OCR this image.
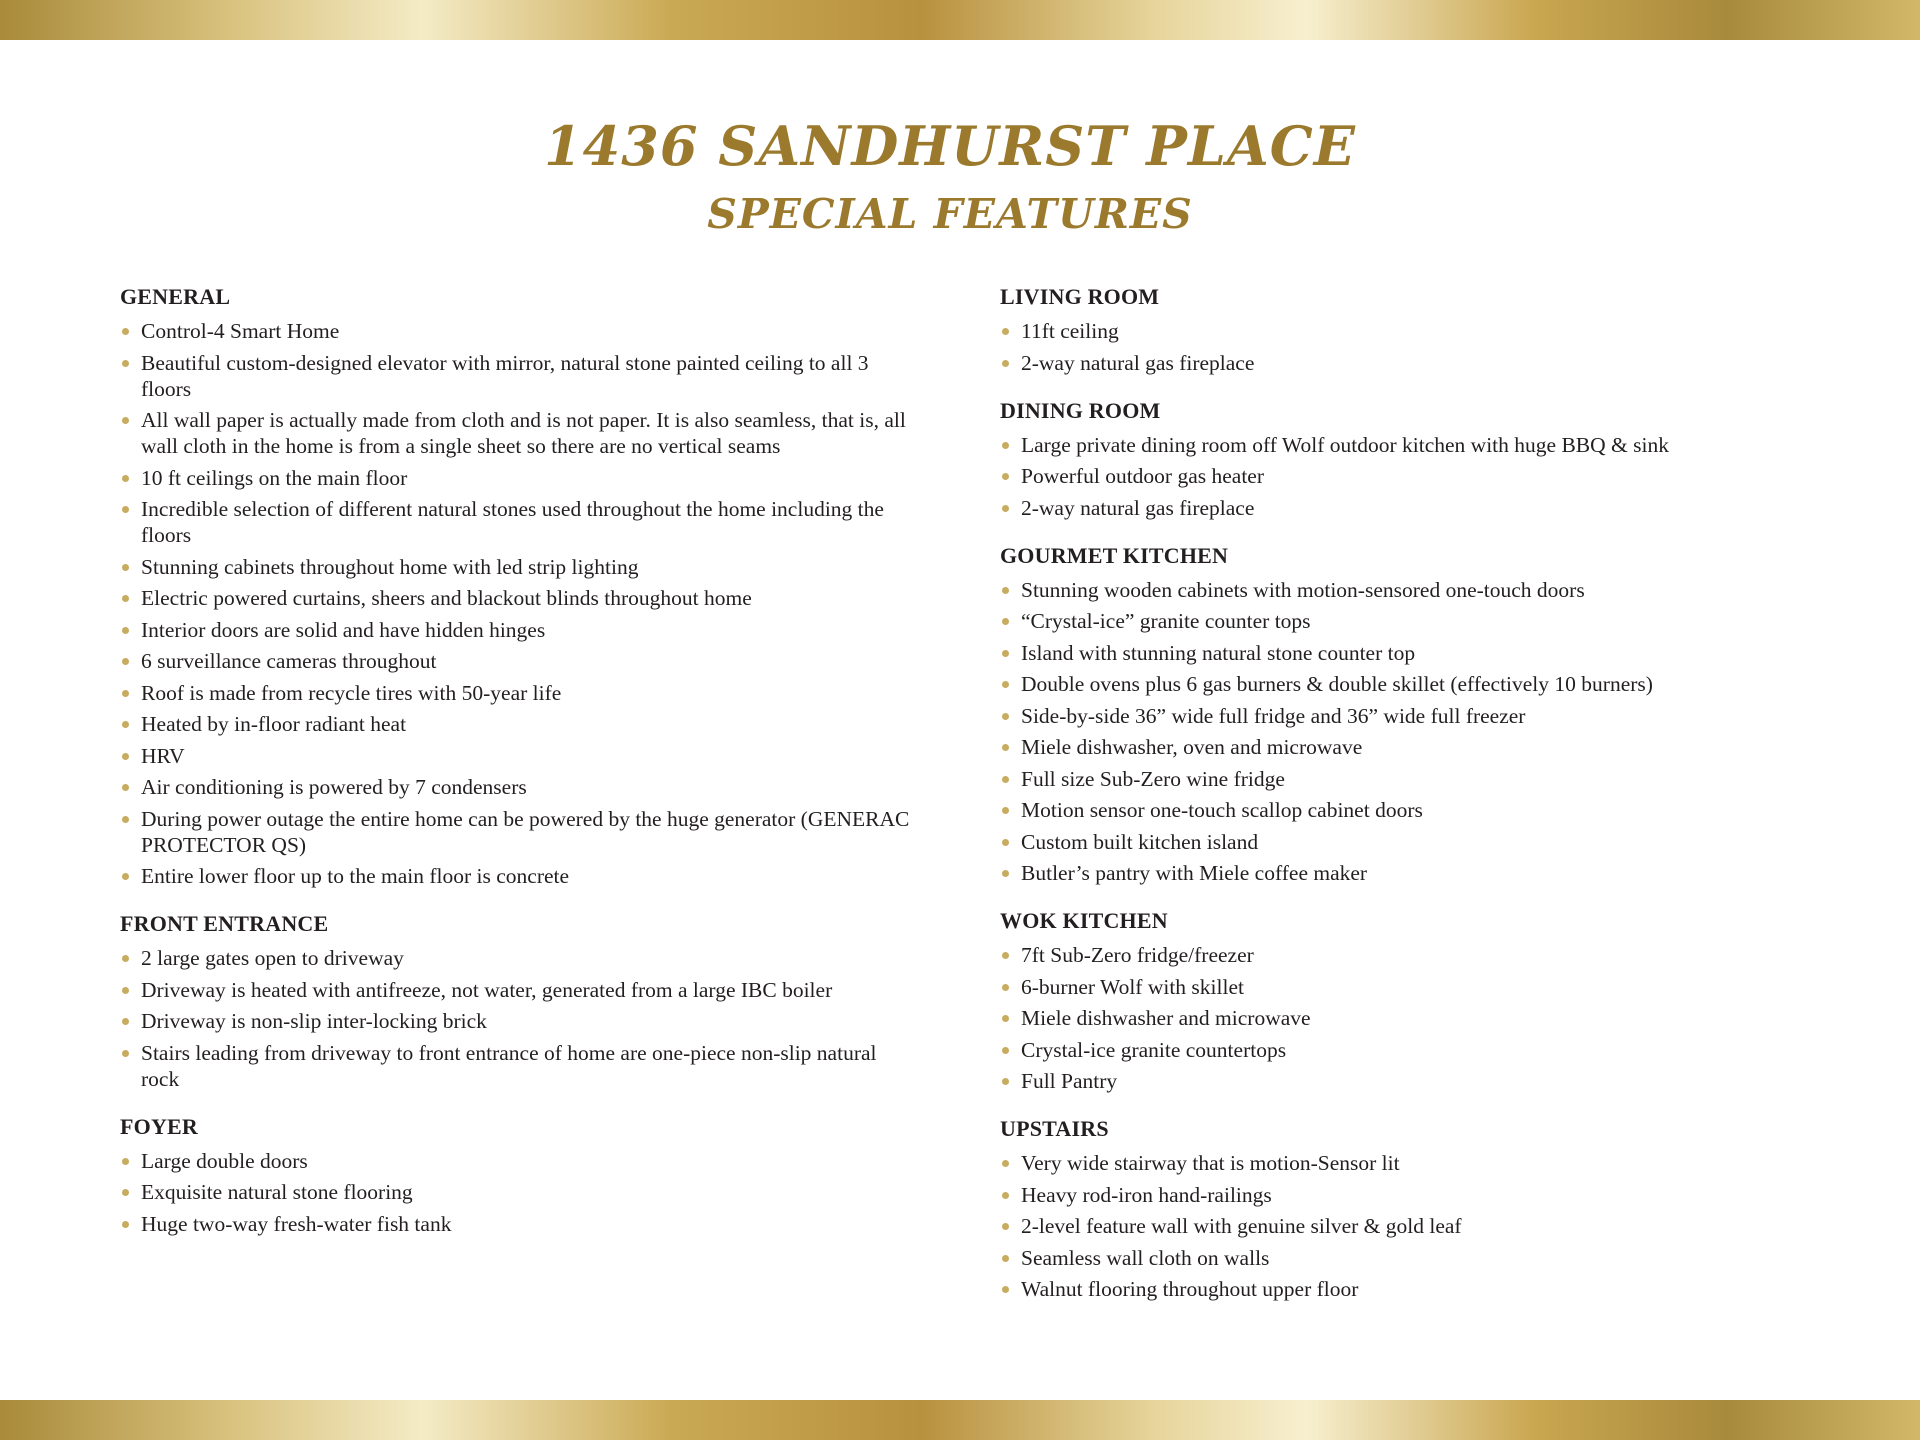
1436 SANDHURST PLACE
SPECIAL FEATURES
GENERAL
Control-4 Smart Home
Beautiful custom-designed elevator with mirror, natural stone painted ceiling to all 3 floors
All wall paper is actually made from cloth and is not paper. It is also seamless, that is, all wall cloth in the home is from a single sheet so there are no vertical seams
10 ft ceilings on the main floor
Incredible selection of different natural stones used throughout the home including the floors
Stunning cabinets throughout home with led strip lighting
Electric powered curtains, sheers and blackout blinds throughout home
Interior doors are solid and have hidden hinges
6 surveillance cameras throughout
Roof is made from recycle tires with 50-year life
Heated by in-floor radiant heat
HRV
Air conditioning is powered by 7 condensers
During power outage the entire home can be powered by the huge generator (GENERAC PROTECTOR QS)
Entire lower floor up to the main floor is concrete
FRONT ENTRANCE
2 large gates open to driveway
Driveway is heated with antifreeze, not water, generated from a large IBC boiler
Driveway is non-slip inter-locking brick
Stairs leading from driveway to front entrance of home are one-piece non-slip natural rock
FOYER
Large double doors
Exquisite natural stone flooring
Huge two-way fresh-water fish tank
LIVING ROOM
11ft ceiling
2-way natural gas fireplace
DINING ROOM
Large private dining room off Wolf outdoor kitchen with huge BBQ & sink
Powerful outdoor gas heater
2-way natural gas fireplace
GOURMET KITCHEN
Stunning wooden cabinets with motion-sensored one-touch doors
“Crystal-ice” granite counter tops
Island with stunning natural stone counter top
Double ovens plus 6 gas burners & double skillet (effectively 10 burners)
Side-by-side 36” wide full fridge and 36” wide full freezer
Miele dishwasher, oven and microwave
Full size Sub-Zero wine fridge
Motion sensor one-touch scallop cabinet doors
Custom built kitchen island
Butler’s pantry with Miele coffee maker
WOK KITCHEN
7ft Sub-Zero fridge/freezer
6-burner Wolf with skillet
Miele dishwasher and microwave
Crystal-ice granite countertops
Full Pantry
UPSTAIRS
Very wide stairway that is motion-Sensor lit
Heavy rod-iron hand-railings
2-level feature wall with genuine silver & gold leaf
Seamless wall cloth on walls
Walnut flooring throughout upper floor
